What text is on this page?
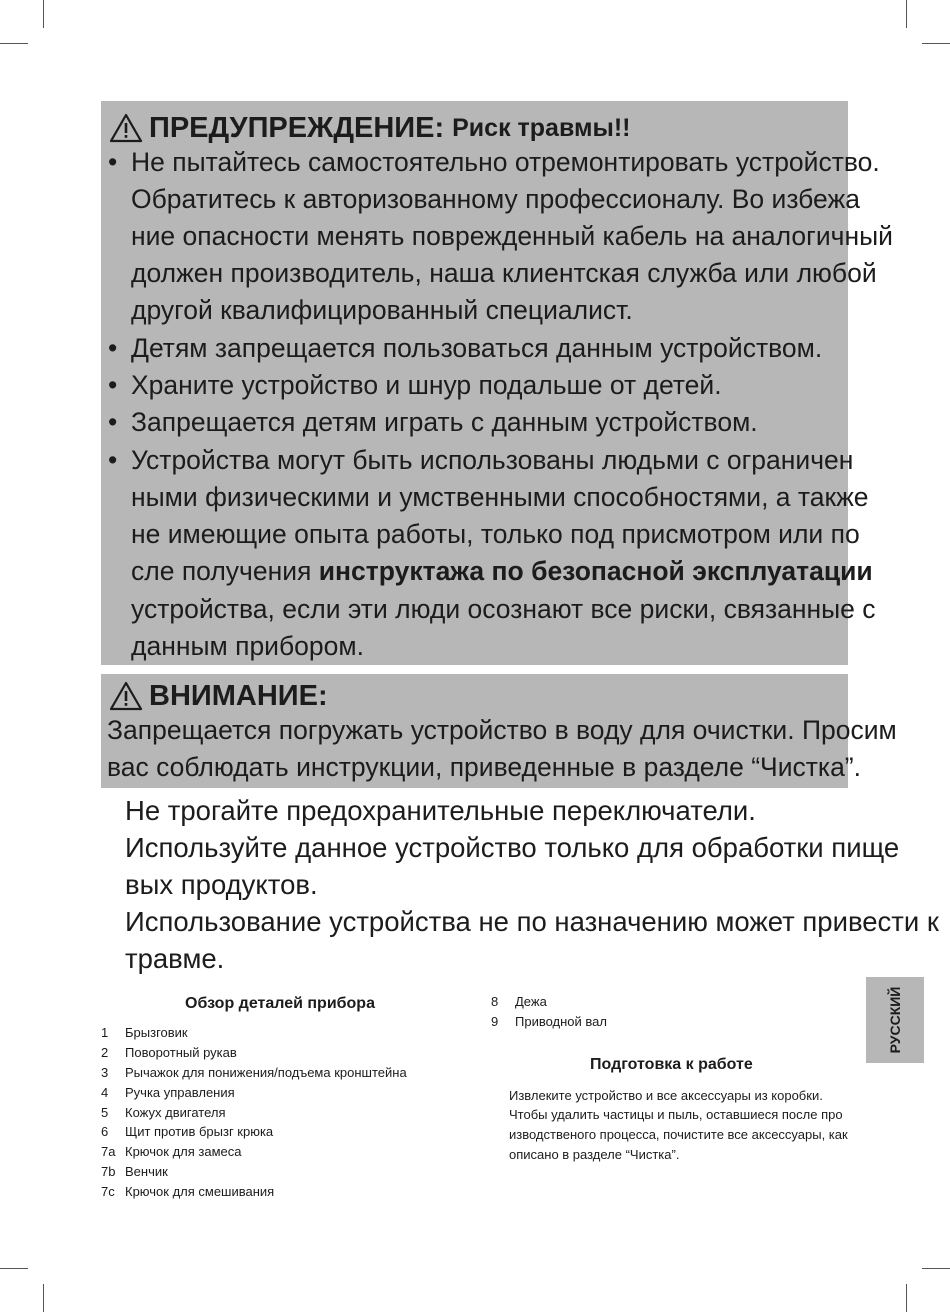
ПРЕДУПРЕЖДЕНИЕ: Риск травмы!!
• Не пытайтесь самостоятельно отремонтировать устройство.
Обратитесь к авторизованному профессионалу. Во избежа
ние опасности менять поврежденный кабель на аналогичный
должен производитель, наша клиентская служба или любой
другой квалифицированный специалист.
• Детям запрещается пользоваться данным устройством.
• Храните устройство и шнур подальше от детей.
• Запрещается детям играть с данным устройством.
• Устройства могут быть использованы людьми с ограничен
ными физическими и умственными способностями, а также
не имеющие опыта работы, только под присмотром или по
сле получения инструктажа по безопасной эксплуатации
устройства, если эти люди осознают все риски, связанные с
данным прибором.
ВНИМАНИЕ:
Запрещается погружать устройство в воду для очистки. Просим
вас соблюдать инструкции, приведенные в разделе “Чистка”.
Не трогайте предохранительные переключатели.
Используйте данное устройство только для обработки пище
вых продуктов.
Использование устройства не по назначению может привести к
травме.
Обзор деталей прибора
1 Брызговик
2 Поворотный рукав
3 Рычажок для понижения/подъема кронштейна
4 Ручка управления
5 Кожух двигателя
6 Щит против брызг крюка
7a Крючок для замеса
7b Венчик
7c Крючок для смешивания
8 Дежа
9 Приводной вал
Подготовка к работе
Извлеките устройство и все аксессуары из коробки.
Чтобы удалить частицы и пыль, оставшиеся после про
изводственого процесса, почистите все аксессуары, как
описано в разделе “Чистка”.
РУССКИЙ
